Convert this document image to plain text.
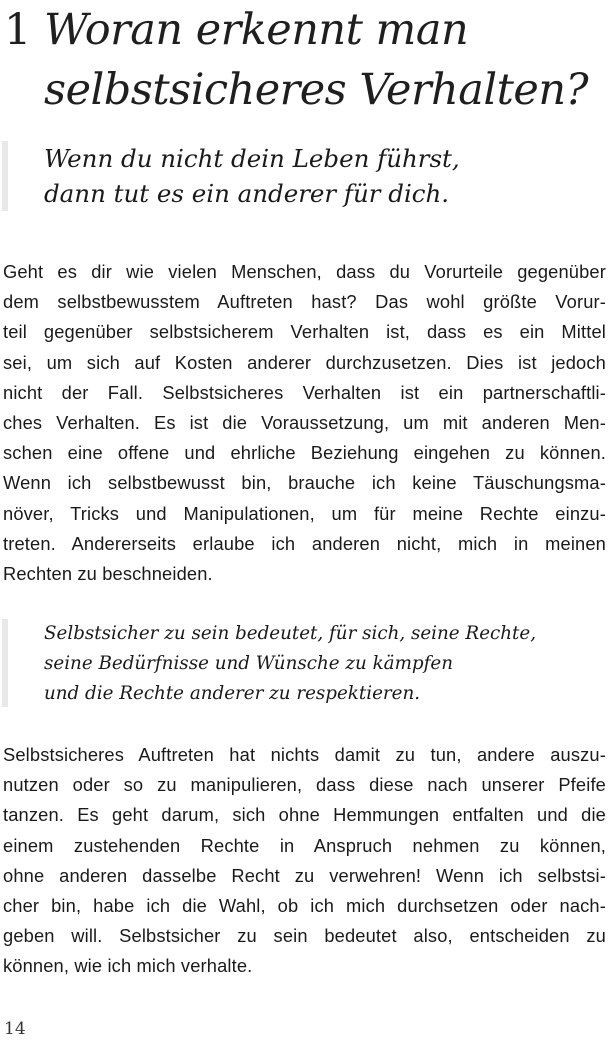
1 Woran erkennt man
selbstsicheres Verhalten?
Wenn du nicht dein Leben führst,
dann tut es ein anderer für dich.
Geht es dir wie vielen Menschen, dass du Vorurteile gegenüber
dem selbstbewusstem Auftreten hast? Das wohl größte Vorur-
teil gegenüber selbstsicherem Verhalten ist, dass es ein Mittel
sei, um sich auf Kosten anderer durchzusetzen. Dies ist jedoch
nicht der Fall. Selbstsicheres Verhalten ist ein partnerschaftli-
ches Verhalten. Es ist die Voraussetzung, um mit anderen Men-
schen eine offene und ehrliche Beziehung eingehen zu können.
Wenn ich selbstbewusst bin, brauche ich keine Täuschungsma-
növer, Tricks und Manipulationen, um für meine Rechte einzu-
treten. Andererseits erlaube ich anderen nicht, mich in meinen
Rechten zu beschneiden.
Selbstsicher zu sein bedeutet, für sich, seine Rechte,
seine Bedürfnisse und Wünsche zu kämpfen
und die Rechte anderer zu respektieren.
Selbstsicheres Auftreten hat nichts damit zu tun, andere auszu-
nutzen oder so zu manipulieren, dass diese nach unserer Pfeife
tanzen. Es geht darum, sich ohne Hemmungen entfalten und die
einem zustehenden Rechte in Anspruch nehmen zu können,
ohne anderen dasselbe Recht zu verwehren! Wenn ich selbstsi-
cher bin, habe ich die Wahl, ob ich mich durchsetzen oder nach-
geben will. Selbstsicher zu sein bedeutet also, entscheiden zu
können, wie ich mich verhalte.
14
